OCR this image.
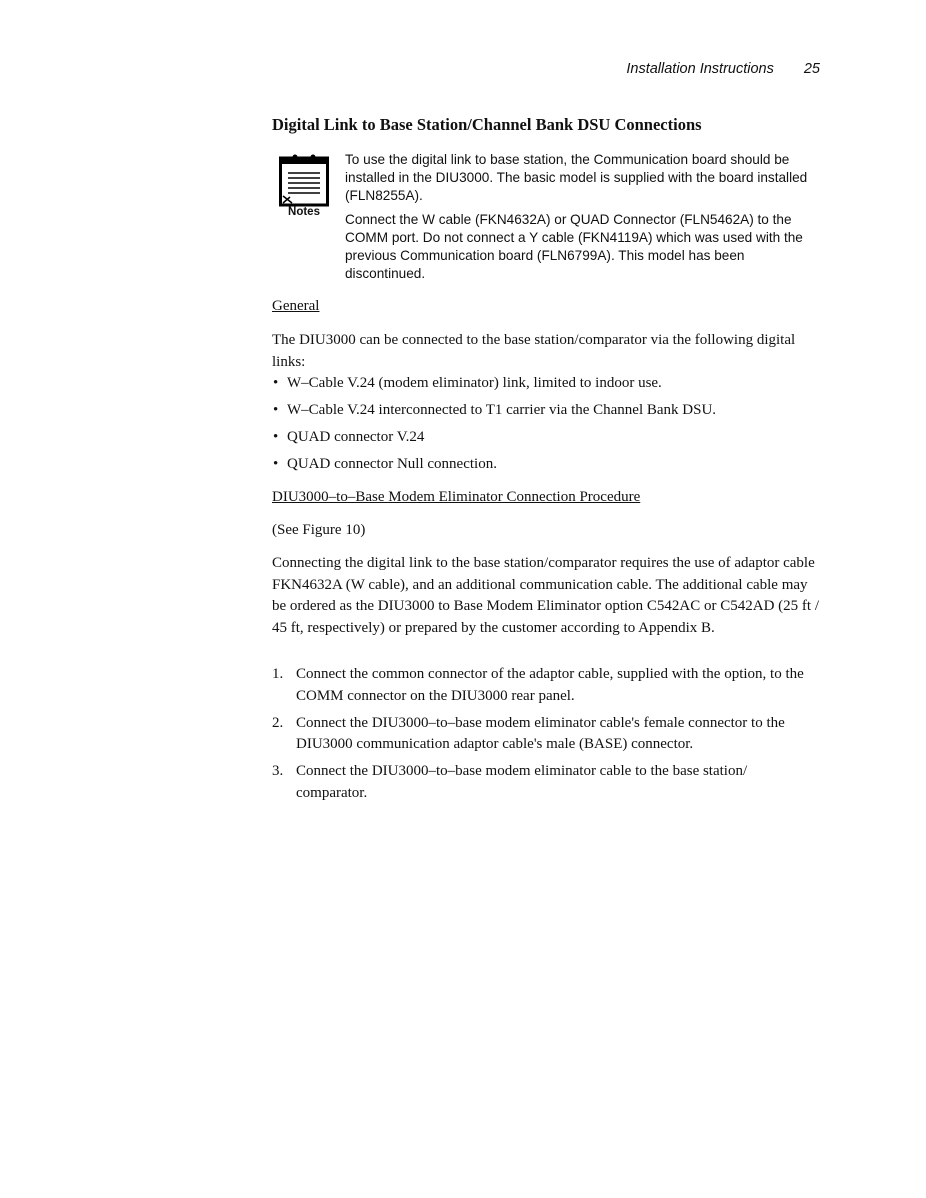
Installation Instructions 25
Digital Link to Base Station/Channel Bank DSU Connections
Notes
To use the digital link to base station, the Communication board should be installed in the DIU3000. The basic model is supplied with the board installed (FLN8255A).
Connect the W cable (FKN4632A) or QUAD Connector (FLN5462A) to the COMM port. Do not connect a Y cable (FKN4119A) which was used with the previous Communication board (FLN6799A). This model has been discontinued.
General
The DIU3000 can be connected to the base station/comparator via the following digital links:
• W–Cable V.24 (modem eliminator) link, limited to indoor use.
• W–Cable V.24 interconnected to T1 carrier via the Channel Bank DSU.
• QUAD connector V.24
• QUAD connector Null connection.
DIU3000–to–Base Modem Eliminator Connection Procedure
(See Figure 10)
Connecting the digital link to the base station/comparator requires the use of adaptor cable FKN4632A (W cable), and an additional communication cable. The additional cable may be ordered as the DIU3000 to Base Modem Eliminator option C542AC or C542AD (25 ft / 45 ft, respectively) or prepared by the customer according to Appendix B.
1. Connect the common connector of the adaptor cable, supplied with the option, to the COMM connector on the DIU3000 rear panel.
2. Connect the DIU3000–to–base modem eliminator cable's female connector to the DIU3000 communication adaptor cable's male (BASE) connector.
3. Connect the DIU3000–to–base modem eliminator cable to the base station/ comparator.
